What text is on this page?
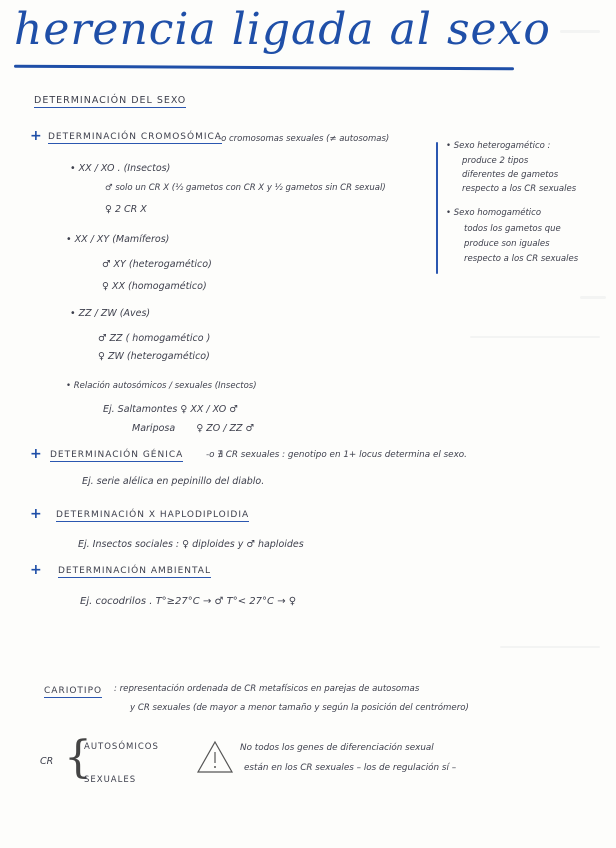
herencia ligada al sexo
DETERMINACIÓN DEL SEXO
+ DETERMINACIÓN CROMOSÓMICA
-o cromosomas sexuales (≠ autosomas)
• XX / XO . (Insectos)
♂ solo un CR X (½ gametos con CR X y ½ gametos sin CR sexual)
♀ 2 CR X
• XX / XY (Mamíferos)
♂ XY (heterogamético)
♀ XX (homogamético)
• ZZ / ZW (Aves)
♂ ZZ ( homogamético )
♀ ZW (heterogamético)
• Relación autosómicos / sexuales (Insectos)
Ej. Saltamontes ♀ XX / XO ♂
Mariposa       ♀ ZO / ZZ ♂
• Sexo heterogamético :
produce 2 tipos
diferentes de gametos
respecto a los CR sexuales
• Sexo homogamético
todos los gametos que
produce son iguales
respecto a los CR sexuales
+ DETERMINACIÓN GÉNICA	-o ∄ CR sexuales : genotipo en 1+ locus determina el sexo.
Ej. serie alélica en pepinillo del diablo.
+ DETERMINACIÓN X HAPLODIPLOIDIA
Ej. Insectos sociales : ♀ diploides y ♂ haploides
+ DETERMINACIÓN AMBIENTAL
Ej. cocodrilos . T°≥27°C → ♂ T°< 27°C → ♀
CARIOTIPO : representación ordenada de CR metafísicos en parejas de autosomas
y CR sexuales (de mayor a menor tamaño y según la posición del centrómero)
CR {
AUTOSÓMICOS
SEXUALES
No todos los genes de diferenciación sexual
están en los CR sexuales – los de regulación sí –
